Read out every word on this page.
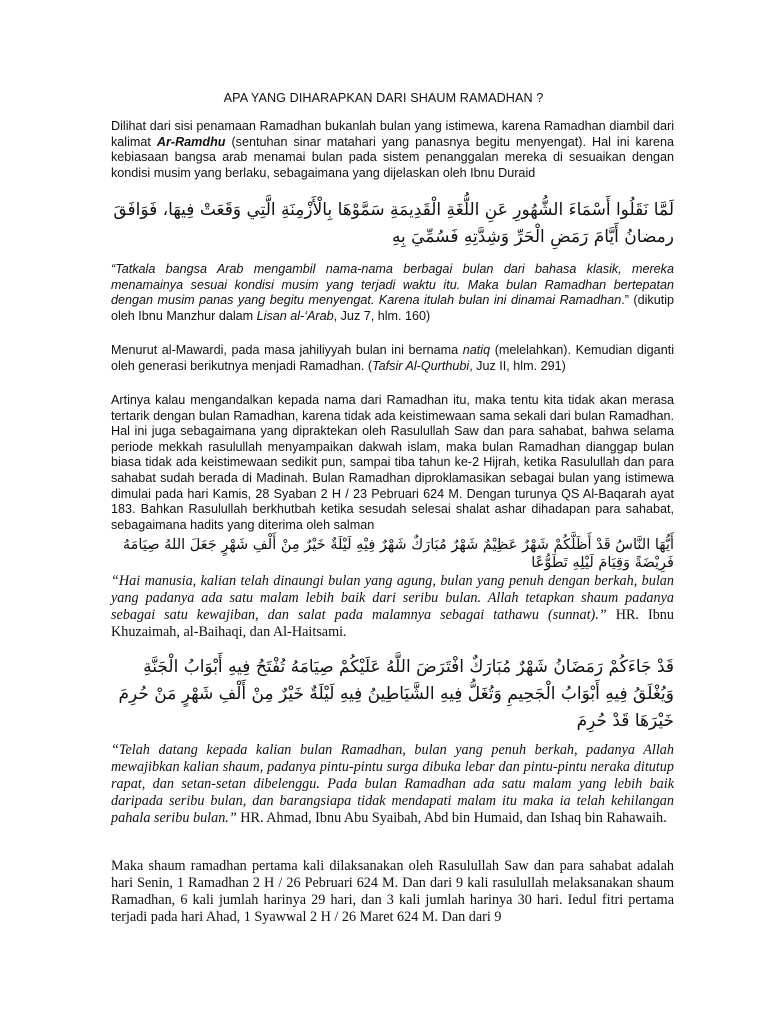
APA YANG DIHARAPKAN DARI SHAUM RAMADHAN ?

Dilihat dari sisi penamaan Ramadhan bukanlah bulan yang istimewa, karena Ramadhan diambil dari kalimat Ar-Ramdhu (sentuhan sinar matahari yang panasnya begitu menyengat). Hal ini karena kebiasaan bangsa arab menamai bulan pada sistem penanggalan mereka di sesuaikan dengan kondisi musim yang berlaku, sebagaimana yang dijelaskan oleh Ibnu Duraid

لَمَّا نَقَلُوا أَسْمَاءَ الشُّهُورِ عَنِ اللُّغَةِ الْقَدِيمَةِ سَمَّوْهَا بِالْأَزْمِنَةِ الَّتِي وَقَعَتْ فِيهَا، فَوَافَقَ رمضانُ أَيَّامَ رَمَضِ الْحَرِّ وَشِدَّتِهِ فَسُمِّيَ بِهِ

“Tatkala bangsa Arab mengambil nama-nama berbagai bulan dari bahasa klasik, mereka menamainya sesuai kondisi musim yang terjadi waktu itu. Maka bulan Ramadhan bertepatan dengan musim panas yang begitu menyengat. Karena itulah bulan ini dinamai Ramadhan.” (dikutip oleh Ibnu Manzhur dalam Lisan al-‘Arab, Juz 7, hlm. 160)

Menurut al-Mawardi, pada masa jahiliyyah bulan ini bernama natiq (melelahkan). Kemudian diganti oleh generasi berikutnya menjadi Ramadhan. (Tafsir Al-Qurthubi, Juz II, hlm. 291)

Artinya kalau mengandalkan kepada nama dari Ramadhan itu, maka tentu kita tidak akan merasa tertarik dengan bulan Ramadhan, karena tidak ada keistimewaan sama sekali dari bulan Ramadhan. Hal ini juga sebagaimana yang dipraktekan oleh Rasulullah Saw dan para sahabat, bahwa selama periode mekkah rasulullah menyampaikan dakwah islam, maka bulan Ramadhan dianggap bulan biasa tidak ada keistimewaan sedikit pun, sampai tiba tahun ke-2 Hijrah, ketika Rasulullah dan para sahabat sudah berada di Madinah. Bulan Ramadhan diproklamasikan sebagai bulan yang istimewa dimulai pada hari Kamis, 28 Syaban 2 H / 23 Pebruari 624 M. Dengan turunya QS Al-Baqarah ayat 183. Bahkan Rasulullah berkhutbah ketika sesudah selesai shalat ashar dihadapan para sahabat, sebagaimana hadits yang diterima oleh salman

أَيُّهَا النَّاسُ قَدْ أَظَلَّكُمْ شَهْرٌ عَظِيْمٌ شَهْرٌ مُبَارَكٌ شَهْرٌ فِيْهِ لَيْلَةٌ خَيْرٌ مِنْ أَلْفِ شَهْرٍ جَعَلَ اللهُ صِيَامَهُ فَرِيْضَةً وَقِيَامَ لَيْلِهِ تَطَوُّعًا

“Hai manusia, kalian telah dinaungi bulan yang agung, bulan yang penuh dengan berkah, bulan yang padanya ada satu malam lebih baik dari seribu bulan. Allah tetapkan shaum padanya sebagai satu kewajiban, dan salat pada malamnya sebagai tathawu (sunnat).” HR. Ibnu Khuzaimah, al-Baihaqi, dan Al-Haitsami.

قَدْ جَاءَكُمْ رَمَضَانُ شَهْرٌ مُبَارَكٌ افْتَرَضَ اللَّهُ عَلَيْكُمْ صِيَامَهُ تُفْتَحُ فِيهِ أَبْوَابُ الْجَنَّةِ وَيُغْلَقُ فِيهِ أَبْوَابُ الْجَحِيمِ وَتُغَلُّ فِيهِ الشَّيَاطِينُ فِيهِ لَيْلَةٌ خَيْرٌ مِنْ أَلْفِ شَهْرٍ مَنْ حُرِمَ خَيْرَهَا قَدْ حُرِمَ

“Telah datang kepada kalian bulan Ramadhan, bulan yang penuh berkah, padanya Allah mewajibkan kalian shaum, padanya pintu-pintu surga dibuka lebar dan pintu-pintu neraka ditutup rapat, dan setan-setan dibelenggu. Pada bulan Ramadhan ada satu malam yang lebih baik daripada seribu bulan, dan barangsiapa tidak mendapati malam itu maka ia telah kehilangan pahala seribu bulan.” HR. Ahmad, Ibnu Abu Syaibah, Abd bin Humaid, dan Ishaq bin Rahawaih.

Maka shaum ramadhan pertama kali dilaksanakan oleh Rasulullah Saw dan para sahabat adalah hari Senin, 1 Ramadhan 2 H / 26 Pebruari 624 M. Dan dari 9 kali rasulullah melaksanakan shaum Ramadhan, 6 kali jumlah harinya 29 hari, dan 3 kali jumlah harinya 30 hari. Iedul fitri pertama terjadi pada hari Ahad, 1 Syawwal 2 H / 26 Maret 624 M. Dan dari 9
